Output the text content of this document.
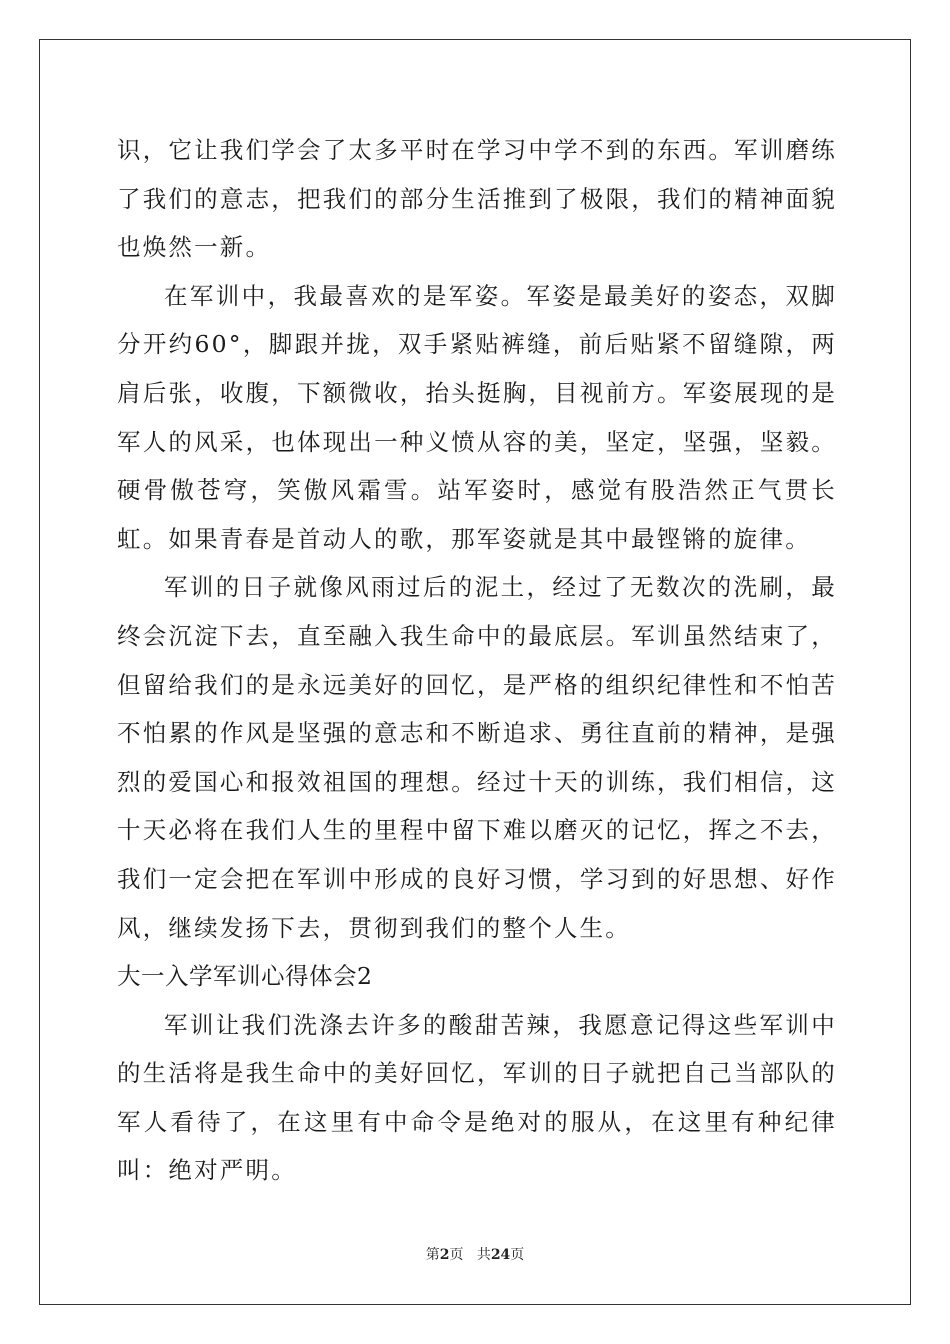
识，它让我们学会了太多平时在学习中学不到的东西。军训磨练了我们的意志，把我们的部分生活推到了极限，我们的精神面貌也焕然一新。

在军训中，我最喜欢的是军姿。军姿是最美好的姿态，双脚分开约60°，脚跟并拢，双手紧贴裤缝，前后贴紧不留缝隙，两肩后张，收腹，下额微收，抬头挺胸，目视前方。军姿展现的是军人的风采，也体现出一种义愤从容的美，坚定，坚强，坚毅。硬骨傲苍穹，笑傲风霜雪。站军姿时，感觉有股浩然正气贯长虹。如果青春是首动人的歌，那军姿就是其中最铿锵的旋律。

军训的日子就像风雨过后的泥土，经过了无数次的洗刷，最终会沉淀下去，直至融入我生命中的最底层。军训虽然结束了，但留给我们的是永远美好的回忆，是严格的组织纪律性和不怕苦不怕累的作风是坚强的意志和不断追求、勇往直前的精神，是强烈的爱国心和报效祖国的理想。经过十天的训练，我们相信，这十天必将在我们人生的里程中留下难以磨灭的记忆，挥之不去，我们一定会把在军训中形成的良好习惯，学习到的好思想、好作风，继续发扬下去，贯彻到我们的整个人生。

大一入学军训心得体会2

军训让我们洗涤去许多的酸甜苦辣，我愿意记得这些军训中的生活将是我生命中的美好回忆，军训的日子就把自己当部队的军人看待了，在这里有中命令是绝对的服从，在这里有种纪律叫：绝对严明。

第2页 共24页
